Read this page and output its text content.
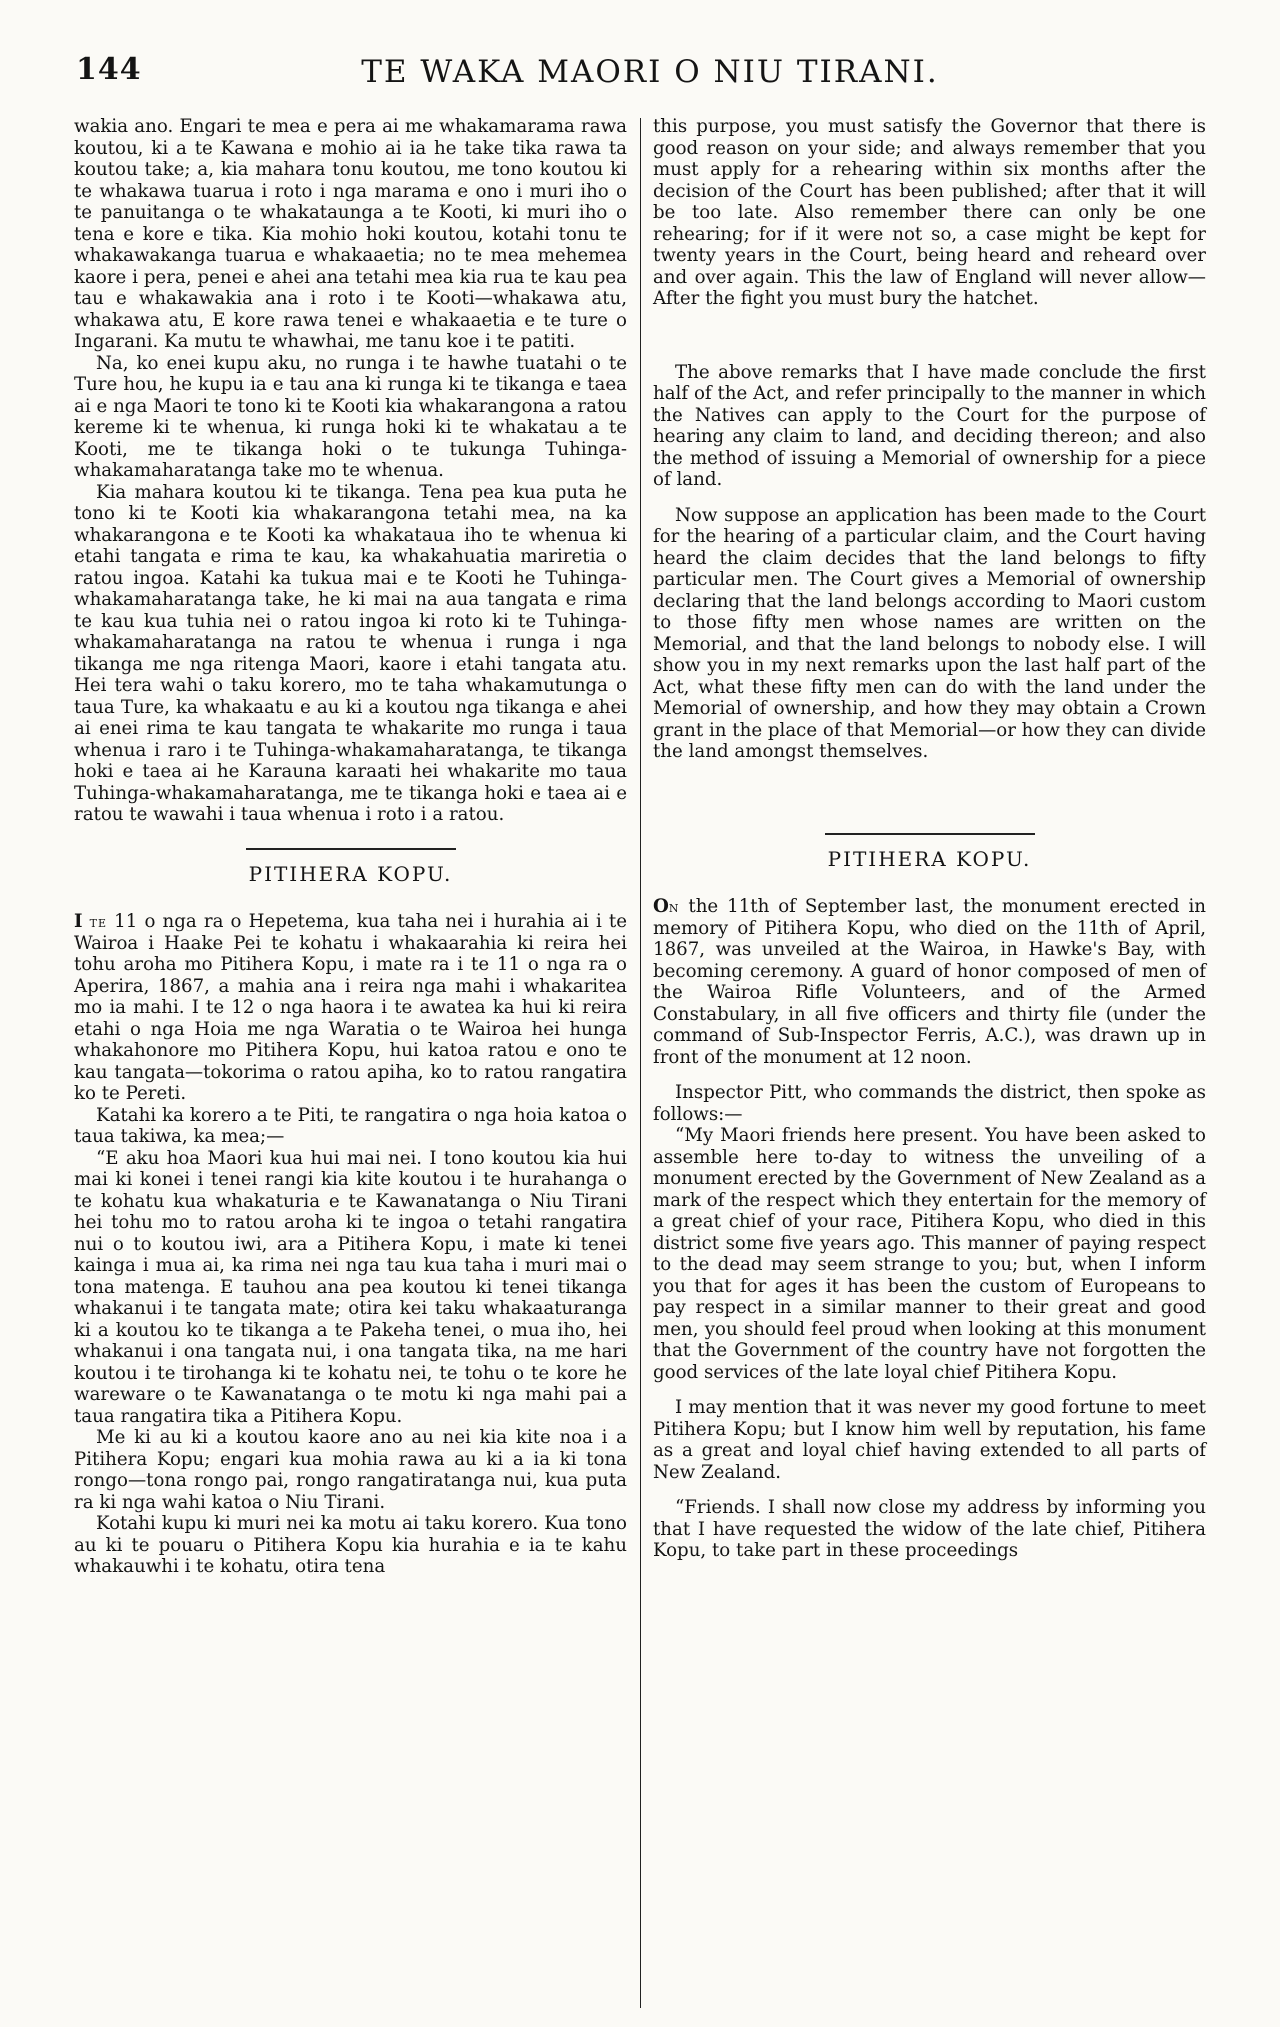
144	TE WAKA MAORI O NIU TIRANI.

wakia ano. Engari te mea e pera ai me whakamarama rawa koutou, ki a te Kawana e mohio ai ia he take tika rawa ta koutou take; a, kia mahara tonu koutou, me tono koutou ki te whakawa tuarua i roto i nga marama e ono i muri iho o te panuitanga o te whakataunga a te Kooti, ki muri iho o tena e kore e tika. Kia mohio hoki koutou, kotahi tonu te whakawakanga tuarua e whakaaetia; no te mea mehemea kaore i pera, penei e ahei ana tetahi mea kia rua te kau pea tau e whakawakia ana i roto i te Kooti—whakawa atu, whakawa atu, E kore rawa tenei e whakaaetia e te ture o Ingarani. Ka mutu te whawhai, me tanu koe i te patiti.

Na, ko enei kupu aku, no runga i te hawhe tuatahi o te Ture hou, he kupu ia e tau ana ki runga ki te tikanga e taea ai e nga Maori te tono ki te Kooti kia whakarangona a ratou kereme ki te whenua, ki runga hoki ki te whakatau a te Kooti, me te tikanga hoki o te tukunga Tuhinga-whakamaharatanga take mo te whenua.

Kia mahara koutou ki te tikanga. Tena pea kua puta he tono ki te Kooti kia whakarangona tetahi mea, na ka whakarangona e te Kooti ka whakataua iho te whenua ki etahi tangata e rima te kau, ka whakahuatia mariretia o ratou ingoa. Katahi ka tukua mai e te Kooti he Tuhinga-whakamaharatanga take, he ki mai na aua tangata e rima te kau kua tuhia nei o ratou ingoa ki roto ki te Tuhinga-whakamaharatanga na ratou te whenua i runga i nga tikanga me nga ritenga Maori, kaore i etahi tangata atu. Hei tera wahi o taku korero, mo te taha whakamutunga o taua Ture, ka whakaatu e au ki a koutou nga tikanga e ahei ai enei rima te kau tangata te whakarite mo runga i taua whenua i raro i te Tuhinga-whakamaharatanga, te tikanga hoki e taea ai he Karauna karaati hei whakarite mo taua Tuhinga-whakamaharatanga, me te tikanga hoki e taea ai e ratou te wawahi i taua whenua i roto i a ratou.

PITIHERA KOPU.

I te 11 o nga ra o Hepetema, kua taha nei i hurahia ai i te Wairoa i Haake Pei te kohatu i whakaarahia ki reira hei tohu aroha mo Pitihera Kopu, i mate ra i te 11 o nga ra o Aperira, 1867, a mahia ana i reira nga mahi i whakaritea mo ia mahi. I te 12 o nga haora i te awatea ka hui ki reira etahi o nga Hoia me nga Waratia o te Wairoa hei hunga whakahonore mo Pitihera Kopu, hui katoa ratou e ono te kau tangata—tokorima o ratou apiha, ko to ratou rangatira ko te Pereti.

Katahi ka korero a te Piti, te rangatira o nga hoia katoa o taua takiwa, ka mea;—

“E aku hoa Maori kua hui mai nei. I tono koutou kia hui mai ki konei i tenei rangi kia kite koutou i te hurahanga o te kohatu kua whakaturia e te Kawanatanga o Niu Tirani hei tohu mo to ratou aroha ki te ingoa o tetahi rangatira nui o to koutou iwi, ara a Pitihera Kopu, i mate ki tenei kainga i mua ai, ka rima nei nga tau kua taha i muri mai o tona matenga. E tauhou ana pea koutou ki tenei tikanga whakanui i te tangata mate; otira kei taku whakaaturanga ki a koutou ko te tikanga a te Pakeha tenei, o mua iho, hei whakanui i ona tangata nui, i ona tangata tika, na me hari koutou i te tirohanga ki te kohatu nei, te tohu o te kore he wareware o te Kawanatanga o te motu ki nga mahi pai a taua rangatira tika a Pitihera Kopu.

Me ki au ki a koutou kaore ano au nei kia kite noa i a Pitihera Kopu; engari kua mohia rawa au ki a ia ki tona rongo—tona rongo pai, rongo rangatiratanga nui, kua puta ra ki nga wahi katoa o Niu Tirani.

Kotahi kupu ki muri nei ka motu ai taku korero. Kua tono au ki te pouaru o Pitihera Kopu kia hurahia e ia te kahu whakauwhi i te kohatu, otira tena

this purpose, you must satisfy the Governor that there is good reason on your side; and always remember that you must apply for a rehearing within six months after the decision of the Court has been published; after that it will be too late. Also remember there can only be one rehearing; for if it were not so, a case might be kept for twenty years in the Court, being heard and reheard over and over again. This the law of England will never allow—After the fight you must bury the hatchet.

The above remarks that I have made conclude the first half of the Act, and refer principally to the manner in which the Natives can apply to the Court for the purpose of hearing any claim to land, and deciding thereon; and also the method of issuing a Memorial of ownership for a piece of land.

Now suppose an application has been made to the Court for the hearing of a particular claim, and the Court having heard the claim decides that the land belongs to fifty particular men. The Court gives a Memorial of ownership declaring that the land belongs according to Maori custom to those fifty men whose names are written on the Memorial, and that the land belongs to nobody else. I will show you in my next remarks upon the last half part of the Act, what these fifty men can do with the land under the Memorial of ownership, and how they may obtain a Crown grant in the place of that Memorial—or how they can divide the land amongst themselves.

PITIHERA KOPU.

On the 11th of September last, the monument erected in memory of Pitihera Kopu, who died on the 11th of April, 1867, was unveiled at the Wairoa, in Hawke's Bay, with becoming ceremony. A guard of honor composed of men of the Wairoa Rifle Volunteers, and of the Armed Constabulary, in all five officers and thirty file (under the command of Sub-Inspector Ferris, A.C.), was drawn up in front of the monument at 12 noon.

Inspector Pitt, who commands the district, then spoke as follows:—

“My Maori friends here present. You have been asked to assemble here to-day to witness the unveiling of a monument erected by the Government of New Zealand as a mark of the respect which they entertain for the memory of a great chief of your race, Pitihera Kopu, who died in this district some five years ago. This manner of paying respect to the dead may seem strange to you; but, when I inform you that for ages it has been the custom of Europeans to pay respect in a similar manner to their great and good men, you should feel proud when looking at this monument that the Government of the country have not forgotten the good services of the late loyal chief Pitihera Kopu.

I may mention that it was never my good fortune to meet Pitihera Kopu; but I know him well by reputation, his fame as a great and loyal chief having extended to all parts of New Zealand.

“Friends. I shall now close my address by informing you that I have requested the widow of the late chief, Pitihera Kopu, to take part in these proceedings
